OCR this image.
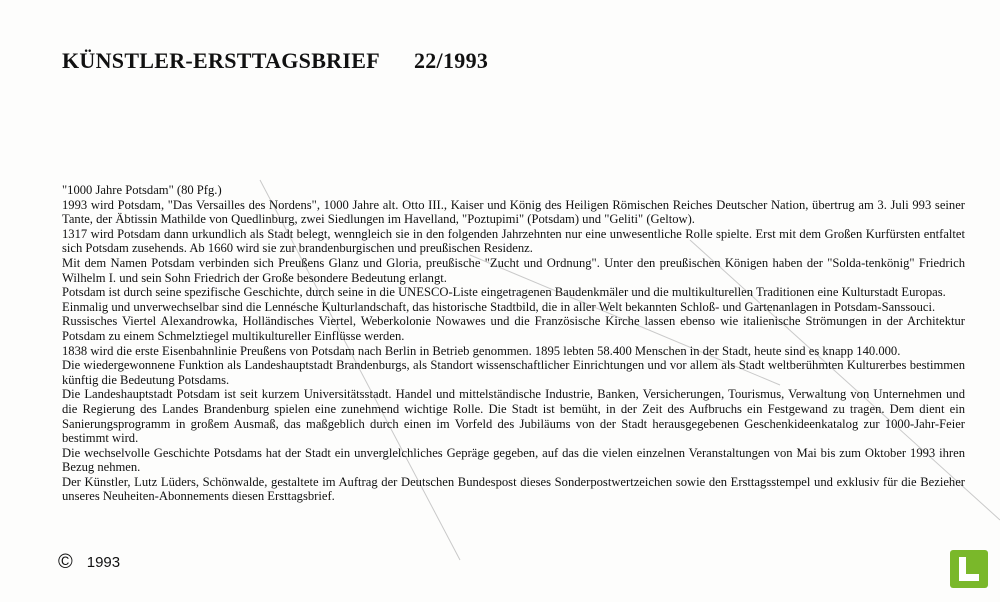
KÜNSTLER-ERSTTAGSBRIEF 22/1993

"1000 Jahre Potsdam" (80 Pfg.)

1993 wird Potsdam, "Das Versailles des Nordens", 1000 Jahre alt. Otto III., Kaiser und König des Heiligen Römischen Reiches Deutscher Nation, übertrug am 3. Juli 993 seiner Tante, der Äbtissin Mathilde von Quedlinburg, zwei Siedlungen im Havelland, "Poztupimi" (Potsdam) und "Geliti" (Geltow).

1317 wird Potsdam dann urkundlich als Stadt belegt, wenngleich sie in den folgenden Jahrzehnten nur eine unwesentliche Rolle spielte. Erst mit dem Großen Kurfürsten entfaltet sich Potsdam zusehends. Ab 1660 wird sie zur brandenburgischen und preußischen Residenz.

Mit dem Namen Potsdam verbinden sich Preußens Glanz und Gloria, preußische "Zucht und Ordnung". Unter den preußischen Königen haben der "Solda-tenkönig" Friedrich Wilhelm I. und sein Sohn Friedrich der Große besondere Bedeutung erlangt.

Potsdam ist durch seine spezifische Geschichte, durch seine in die UNESCO-Liste eingetragenen Baudenkmäler und die multikulturellen Traditionen eine Kulturstadt Europas.

Einmalig und unverwechselbar sind die Lennésche Kulturlandschaft, das historische Stadtbild, die in aller Welt bekannten Schloß- und Gartenanlagen in Potsdam-Sanssouci.

Russisches Viertel Alexandrowka, Holländisches Viertel, Weberkolonie Nowawes und die Französische Kirche lassen ebenso wie italienische Strömungen in der Architektur Potsdam zu einem Schmelztiegel multikultureller Einflüsse werden.

1838 wird die erste Eisenbahnlinie Preußens von Potsdam nach Berlin in Betrieb genommen. 1895 lebten 58.400 Menschen in der Stadt, heute sind es knapp 140.000.

Die wiedergewonnene Funktion als Landeshauptstadt Brandenburgs, als Standort wissenschaftlicher Einrichtungen und vor allem als Stadt weltberühmten Kulturerbes bestimmen künftig die Bedeutung Potsdams.

Die Landeshauptstadt Potsdam ist seit kurzem Universitätsstadt. Handel und mittelständische Industrie, Banken, Versicherungen, Tourismus, Verwaltung von Unternehmen und die Regierung des Landes Brandenburg spielen eine zunehmend wichtige Rolle. Die Stadt ist bemüht, in der Zeit des Aufbruchs ein Festgewand zu tragen. Dem dient ein Sanierungsprogramm in großem Ausmaß, das maßgeblich durch einen im Vorfeld des Jubiläums von der Stadt herausgegebenen Geschenkideenkatalog zur 1000-Jahr-Feier bestimmt wird.

Die wechselvolle Geschichte Potsdams hat der Stadt ein unverglelchliches Gepräge gegeben, auf das die vielen einzelnen Veranstaltungen von Mai bis zum Oktober 1993 ihren Bezug nehmen.

Der Künstler, Lutz Lüders, Schönwalde, gestaltete im Auftrag der Deutschen Bundespost dieses Sonderpostwertzeichen sowie den Ersttagsstempel und exklusiv für die Bezieher unseres Neuheiten-Abonnements diesen Ersttagsbrief.

© 1993
